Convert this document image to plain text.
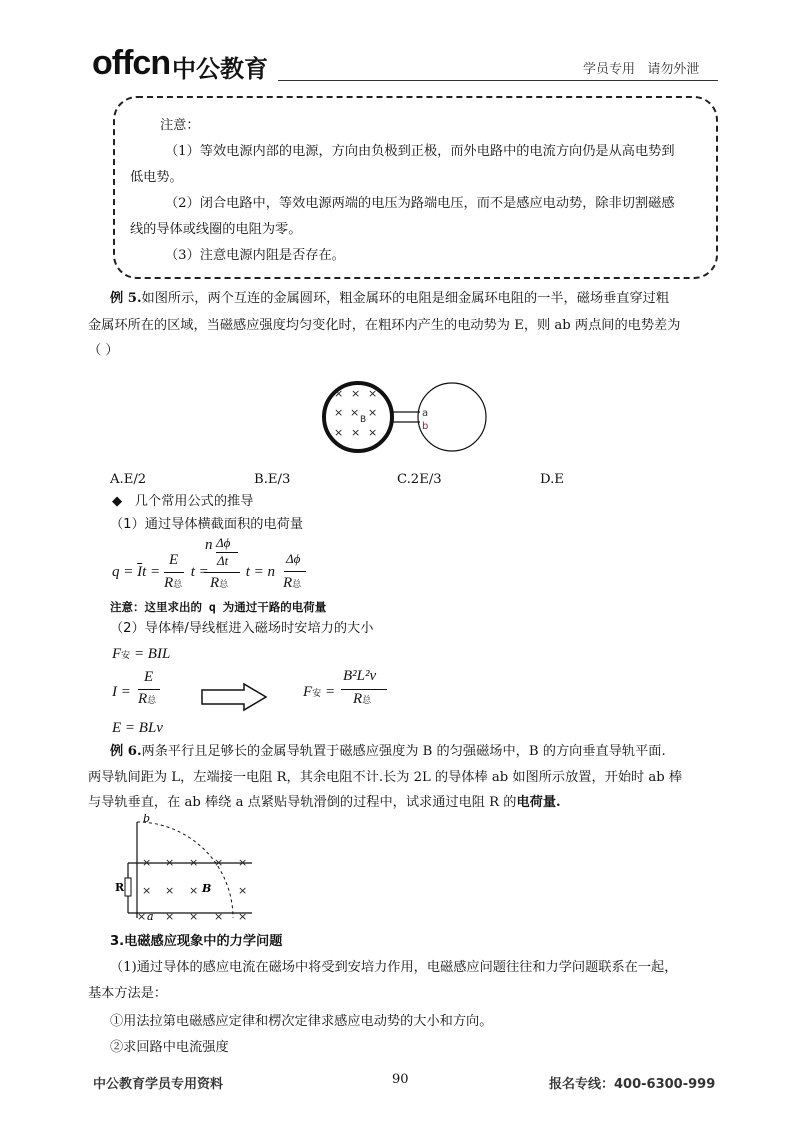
offcn 中公教育	学员专用   请勿外泄
注意：
（1）等效电源内部的电源，方向由负极到正极，而外电路中的电流方向仍是从高电势到
低电势。
（2）闭合电路中，等效电源两端的电压为路端电压，而不是感应电动势，除非切割磁感
线的导体或线圈的电阻为零。
（3）注意电源内阻是否存在。
例 5.如图所示，两个互连的金属圆环，粗金属环的电阻是细金属环电阻的一半，磁场垂直穿过粗
金属环所在的区域，当磁感应强度均匀变化时，在粗环内产生的电动势为 E，则 ab 两点间的电势差为
（ ）
× × ×
× × ×
× × ×
B
a
b
A.E/2	B.E/3	C.2E/3	D.E
◆ 几个常用公式的推导
（1）通过导体横截面积的电荷量
$q = \overline{I}t$ =
E
R总
t =
n Δϕ
Δt
R总
t = n
Δϕ
R总
注意：这里求出的 q 为通过干路的电荷量
（2）导体棒/导线框进入磁场时安培力的大小
F安 = BIL
I =
E
R总	F安 =
B²L²v
R总
E = BLv
例 6.两条平行且足够长的金属导轨置于磁感应强度为 B 的匀强磁场中，B 的方向垂直导轨平面.
两导轨间距为 L，左端接一电阻 R，其余电阻不计.长为 2L 的导体棒 ab 如图所示放置，开始时 ab 棒
与导轨垂直，在 ab 棒绕 a 点紧贴导轨滑倒的过程中，试求通过电阻 R 的电荷量.
× × × × ×
× × ×	×
× × × × ×
b
a
R	B
3.电磁感应现象中的力学问题
（1)通过导体的感应电流在磁场中将受到安培力作用，电磁感应问题往往和力学问题联系在一起，
基本方法是：
①用法拉第电磁感应定律和楞次定律求感应电动势的大小和方向。
②求回路中电流强度
中公教育学员专用资料	90	报名专线：400-6300-999
